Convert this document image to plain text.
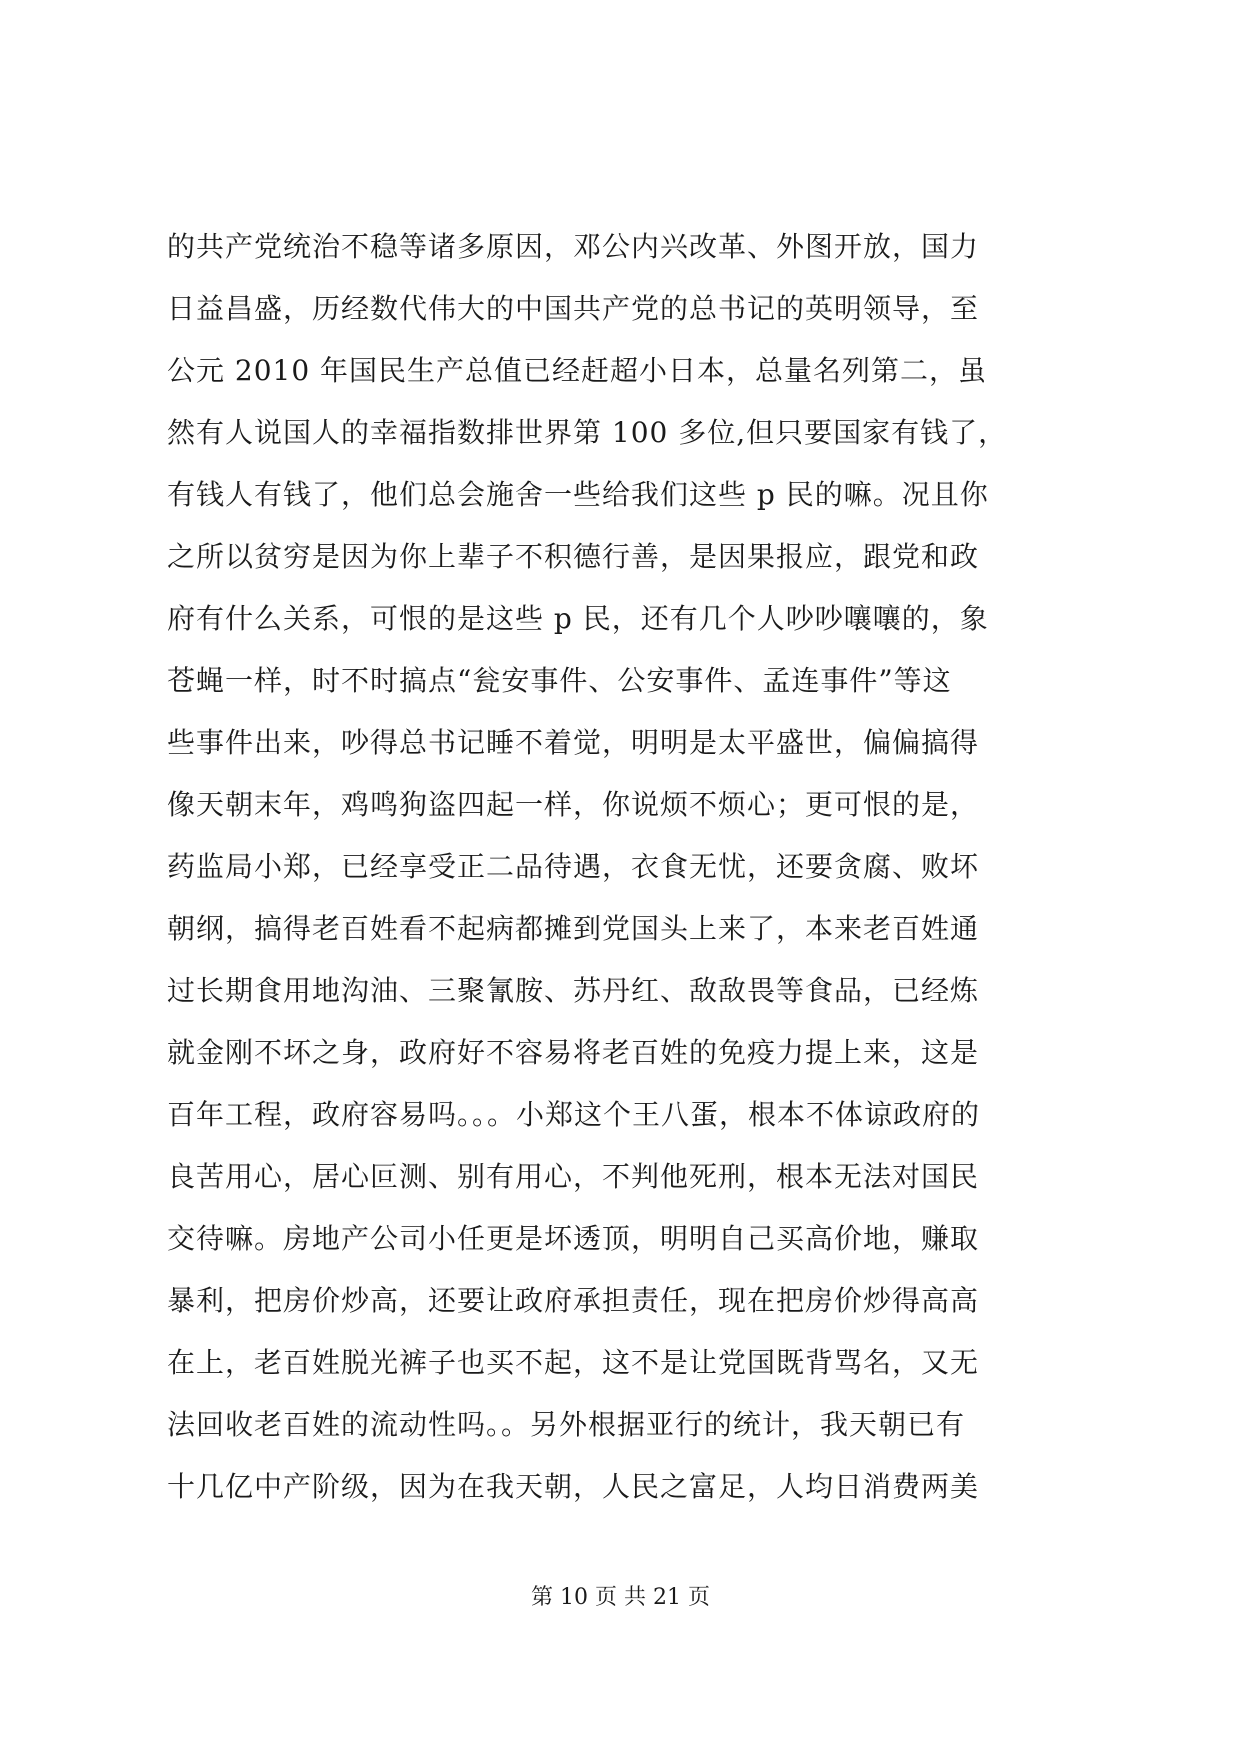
的共产党统治不稳等诸多原因，邓公内兴改革、外图开放，国力
日益昌盛，历经数代伟大的中国共产党的总书记的英明领导，至
公元 2010 年国民生产总值已经赶超小日本，总量名列第二，虽
然有人说国人的幸福指数排世界第 100 多位,但只要国家有钱了，
有钱人有钱了，他们总会施舍一些给我们这些 p 民的嘛。况且你
之所以贫穷是因为你上辈子不积德行善，是因果报应，跟党和政
府有什么关系，可恨的是这些 p 民，还有几个人吵吵嚷嚷的，象
苍蝇一样，时不时搞点“瓮安事件、公安事件、孟连事件”等这
些事件出来，吵得总书记睡不着觉，明明是太平盛世，偏偏搞得
像天朝末年，鸡鸣狗盗四起一样，你说烦不烦心；更可恨的是，
药监局小郑，已经享受正二品待遇，衣食无忧，还要贪腐、败坏
朝纲，搞得老百姓看不起病都摊到党国头上来了，本来老百姓通
过长期食用地沟油、三聚氰胺、苏丹红、敌敌畏等食品，已经炼
就金刚不坏之身，政府好不容易将老百姓的免疫力提上来，这是
百年工程，政府容易吗。。。小郑这个王八蛋，根本不体谅政府的
良苦用心，居心叵测、别有用心，不判他死刑，根本无法对国民
交待嘛。房地产公司小任更是坏透顶，明明自己买高价地，赚取
暴利，把房价炒高，还要让政府承担责任，现在把房价炒得高高
在上，老百姓脱光裤子也买不起，这不是让党国既背骂名，又无
法回收老百姓的流动性吗。。另外根据亚行的统计，我天朝已有
十几亿中产阶级，因为在我天朝，人民之富足，人均日消费两美
第 10 页 共 21 页
